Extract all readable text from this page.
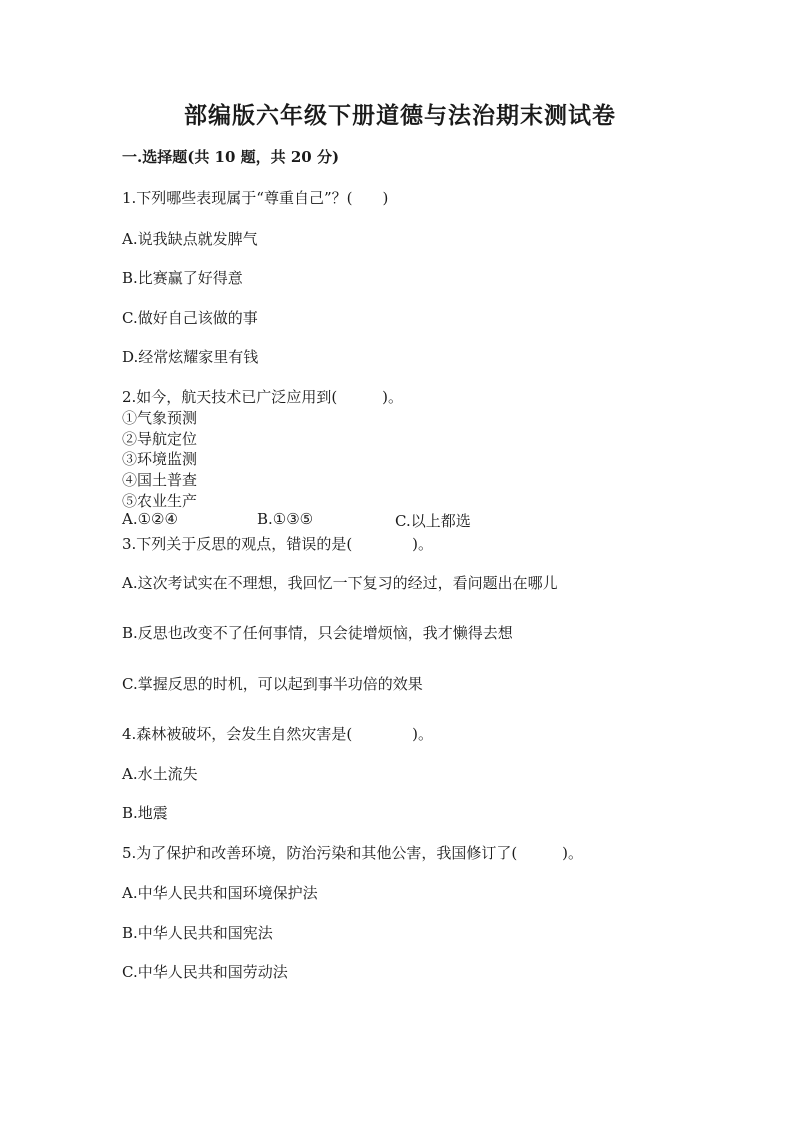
部编版六年级下册道德与法治期末测试卷

一.选择题(共 10 题，共 20 分)

1.下列哪些表现属于“尊重自己”？(　　)

A.说我缺点就发脾气

B.比赛赢了好得意

C.做好自己该做的事

D.经常炫耀家里有钱

2.如今，航天技术已广泛应用到(　　　)。

①气象预测

②导航定位

③环境监测

④国土普查

⑤农业生产

A.①②④	B.①③⑤	C.以上都选

3.下列关于反思的观点，错误的是(　　　　)。

A.这次考试实在不理想，我回忆一下复习的经过，看问题出在哪儿

B.反思也改变不了任何事情，只会徒增烦恼，我才懒得去想

C.掌握反思的时机，可以起到事半功倍的效果

4.森林被破坏，会发生自然灾害是(　　　　)。

A.水土流失

B.地震

5.为了保护和改善环境，防治污染和其他公害，我国修订了(　　　)。

A.中华人民共和国环境保护法

B.中华人民共和国宪法

C.中华人民共和国劳动法
